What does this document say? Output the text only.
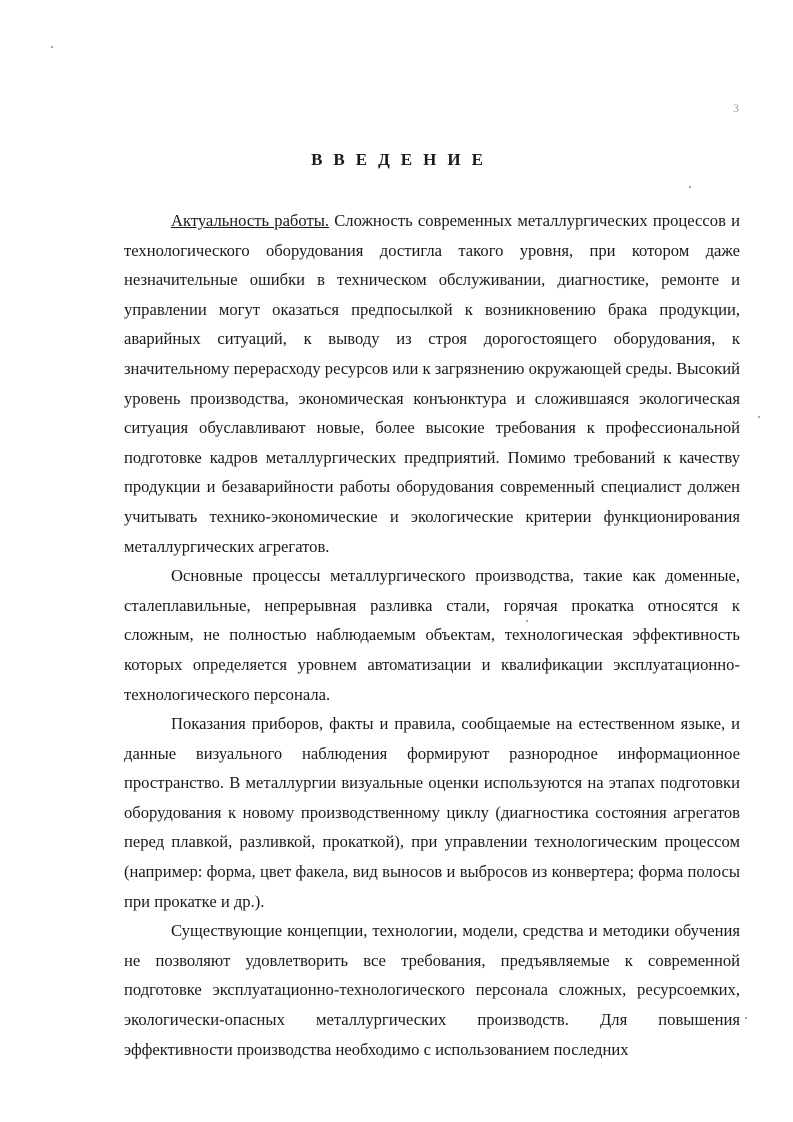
3
ВВЕДЕНИЕ

Актуальность работы. Сложность современных металлургических процессов и технологического оборудования достигла такого уровня, при котором даже незначительные ошибки в техническом обслуживании, диагностике, ремонте и управлении могут оказаться предпосылкой к возникновению брака продукции, аварийных ситуаций, к выводу из строя дорогостоящего оборудования, к значительному перерасходу ресурсов или к загрязнению окружающей среды. Высокий уровень производства, экономическая конъюнктура и сложившаяся экологическая ситуация обуславливают новые, более высокие требования к профессиональной подготовке кадров металлургических предприятий. Помимо требований к качеству продукции и безаварийности работы оборудования современный специалист должен учитывать технико-экономические и экологические критерии функционирования металлургических агрегатов.

Основные процессы металлургического производства, такие как доменные, сталеплавильные, непрерывная разливка стали, горячая прокатка относятся к сложным, не полностью наблюдаемым объектам, технологическая эффективность которых определяется уровнем автоматизации и квалификации эксплуатационно-технологического персонала.

Показания приборов, факты и правила, сообщаемые на естественном языке, и данные визуального наблюдения формируют разнородное информационное пространство. В металлургии визуальные оценки используются на этапах подготовки оборудования к новому производственному циклу (диагностика состояния агрегатов перед плавкой, разливкой, прокаткой), при управлении технологическим процессом (например: форма, цвет факела, вид выносов и выбросов из конвертера; форма полосы при прокатке и др.).

Существующие концепции, технологии, модели, средства и методики обучения не позволяют удовлетворить все требования, предъявляемые к современной подготовке эксплуатационно-технологического персонала сложных, ресурсоемких, экологически-опасных металлургических производств. Для повышения эффективности производства необходимо с использованием последних
